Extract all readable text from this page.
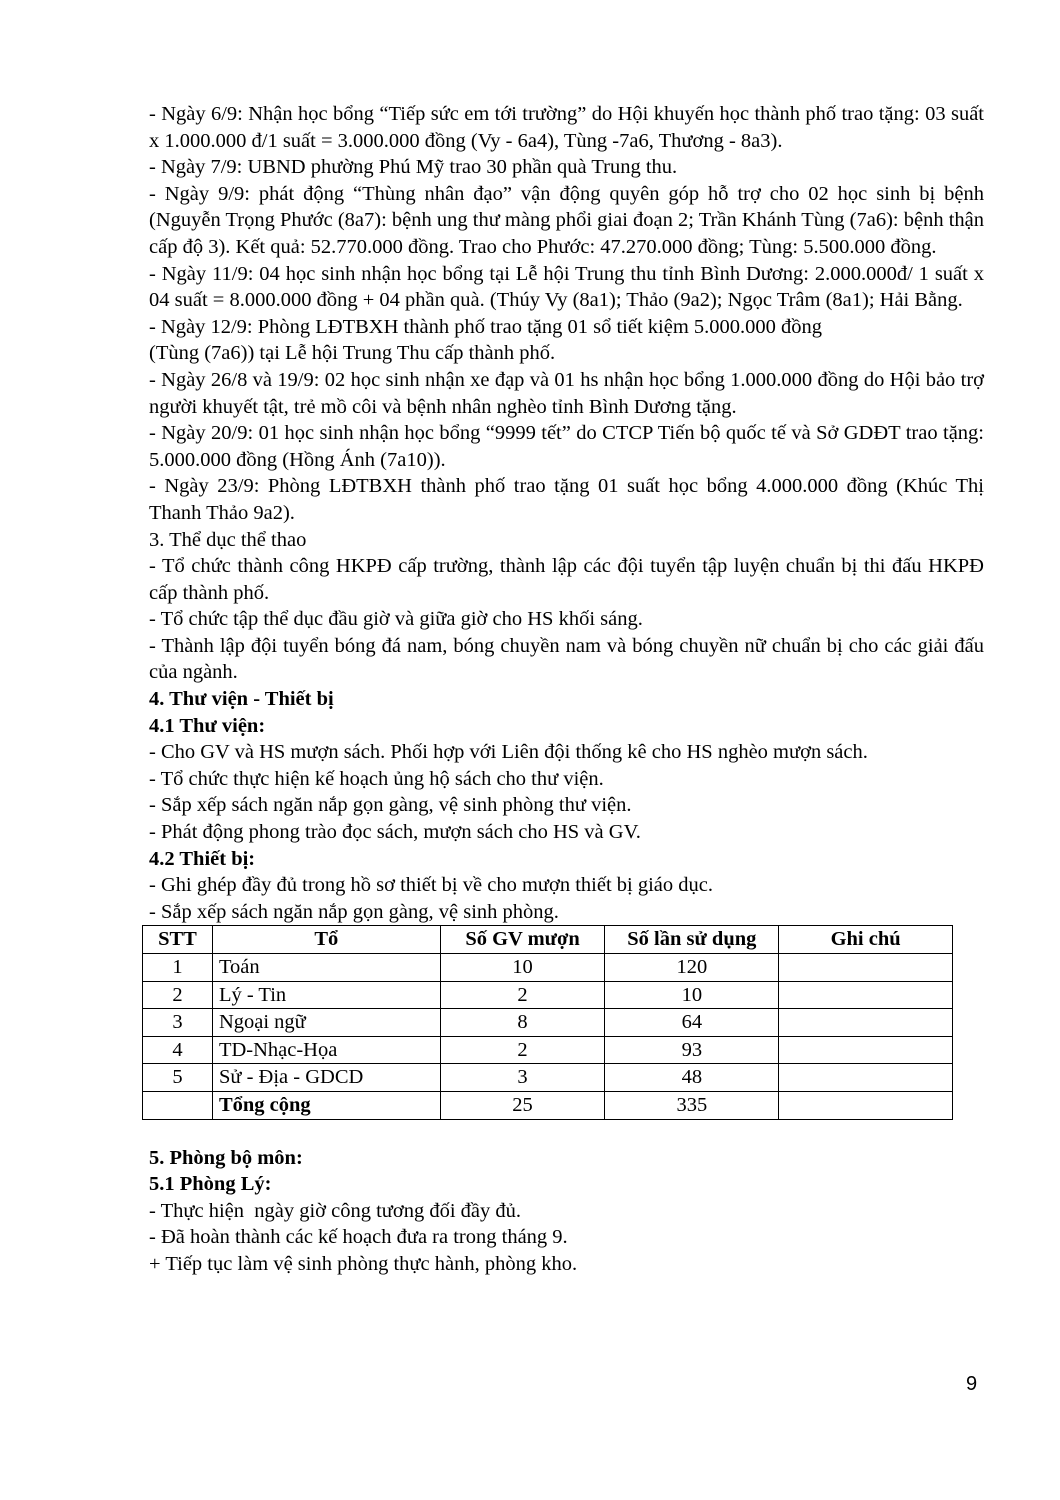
- Ngày 6/9: Nhận học bổng “Tiếp sức em tới trường” do Hội khuyến học thành phố trao tặng: 03 suất x 1.000.000 đ/1 suất = 3.000.000 đồng (Vy - 6a4), Tùng -7a6, Thương - 8a3).

- Ngày 7/9: UBND phường Phú Mỹ trao 30 phần quà Trung thu.

- Ngày 9/9: phát động “Thùng nhân đạo” vận động quyên góp hỗ trợ cho 02 học sinh bị bệnh (Nguyễn Trọng Phước (8a7): bệnh ung thư màng phổi giai đoạn 2; Trần Khánh Tùng (7a6): bệnh thận cấp độ 3). Kết quả: 52.770.000 đồng. Trao cho Phước: 47.270.000 đồng; Tùng: 5.500.000 đồng.

- Ngày 11/9: 04 học sinh nhận học bổng tại Lễ hội Trung thu tỉnh Bình Dương: 2.000.000đ/ 1 suất x 04 suất = 8.000.000 đồng + 04 phần quà. (Thúy Vy (8a1); Thảo (9a2); Ngọc Trâm (8a1); Hải Bằng.

- Ngày 12/9: Phòng LĐTBXH thành phố trao tặng 01 sổ tiết kiệm 5.000.000 đồng

(Tùng (7a6)) tại Lễ hội Trung Thu cấp thành phố.

- Ngày 26/8 và 19/9: 02 học sinh nhận xe đạp và 01 hs nhận học bổng 1.000.000 đồng do Hội bảo trợ người khuyết tật, trẻ mồ côi và bệnh nhân nghèo tỉnh Bình Dương tặng.

- Ngày 20/9: 01 học sinh nhận học bổng “9999 tết” do CTCP Tiến bộ quốc tế và Sở GDĐT trao tặng: 5.000.000 đồng (Hồng Ánh (7a10)).

- Ngày 23/9: Phòng LĐTBXH thành phố trao tặng 01 suất học bổng 4.000.000 đồng (Khúc Thị Thanh Thảo 9a2).

3. Thể dục thể thao

- Tổ chức thành công HKPĐ cấp trường, thành lập các đội tuyển tập luyện chuẩn bị thi đấu HKPĐ cấp thành phố.

- Tổ chức tập thể dục đầu giờ và giữa giờ cho HS khối sáng.

- Thành lập đội tuyển bóng đá nam, bóng chuyền nam và bóng chuyền nữ chuẩn bị cho các giải đấu của ngành.

4. Thư viện - Thiết bị

4.1 Thư viện:

- Cho GV và HS mượn sách. Phối hợp với Liên đội thống kê cho HS nghèo mượn sách.

- Tổ chức thực hiện kế hoạch ủng hộ sách cho thư viện.

- Sắp xếp sách ngăn nắp gọn gàng, vệ sinh phòng thư viện.

- Phát động phong trào đọc sách, mượn sách cho HS và GV.

4.2 Thiết bị:

- Ghi ghép đầy đủ trong hồ sơ thiết bị về cho mượn thiết bị giáo dục.

- Sắp xếp sách ngăn nắp gọn gàng, vệ sinh phòng.

STT	Tổ	Số GV mượn	Số lần sử dụng	Ghi chú
1	Toán	10	120	
2	Lý - Tin	2	10	
3	Ngoại ngữ	8	64	
4	TD-Nhạc-Họa	2	93	
5	Sử - Địa - GDCD	3	48	
	Tổng cộng	25	335	

5. Phòng bộ môn:

5.1 Phòng Lý:

- Thực hiện  ngày giờ công tương đối đầy đủ.

- Đã hoàn thành các kế hoạch đưa ra trong tháng 9.

+ Tiếp tục làm vệ sinh phòng thực hành, phòng kho.

9
